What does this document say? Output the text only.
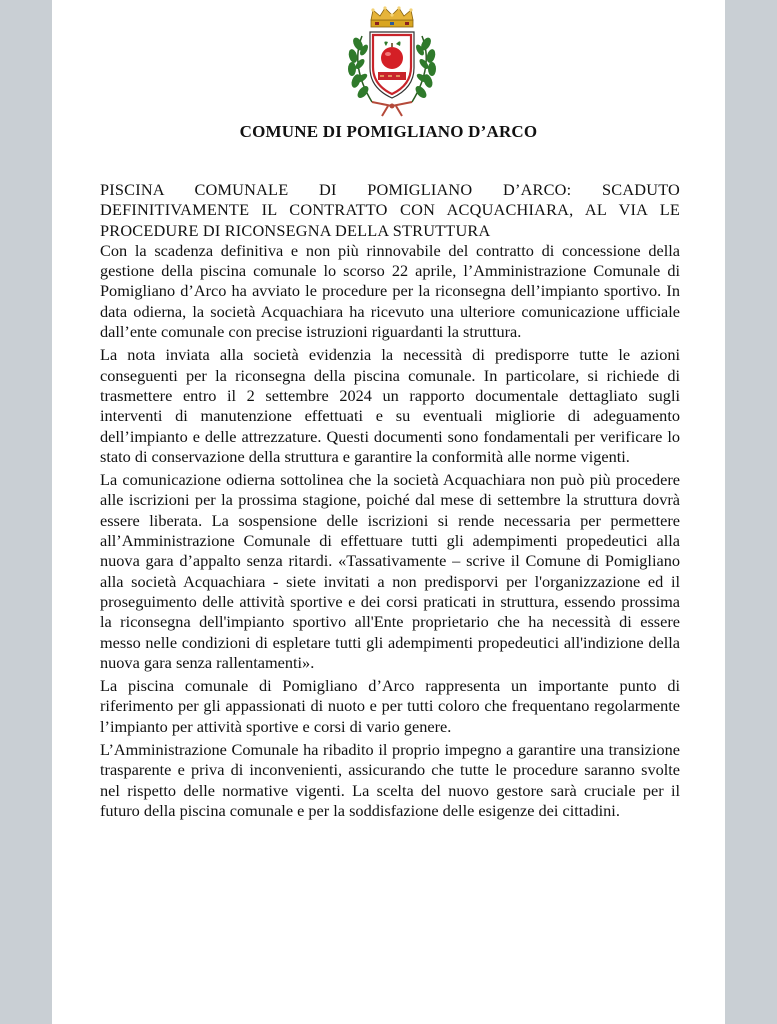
COMUNE DI POMIGLIANO D’ARCO
PISCINA COMUNALE DI POMIGLIANO D’ARCO: SCADUTO DEFINITIVAMENTE IL CONTRATTO CON ACQUACHIARA, AL VIA LE PROCEDURE DI RICONSEGNA DELLA STRUTTURA

Con la scadenza definitiva e non più rinnovabile del contratto di concessione della gestione della piscina comunale lo scorso 22 aprile, l’Amministrazione Comunale di Pomigliano d’Arco ha avviato le procedure per la riconsegna dell’impianto sportivo. In data odierna, la società Acquachiara ha ricevuto una ulteriore comunicazione ufficiale dall’ente comunale con precise istruzioni riguardanti la struttura.

La nota inviata alla società evidenzia la necessità di predisporre tutte le azioni conseguenti per la riconsegna della piscina comunale. In particolare, si richiede di trasmettere entro il 2 settembre 2024 un rapporto documentale dettagliato sugli interventi di manutenzione effettuati e su eventuali migliorie di adeguamento dell’impianto e delle attrezzature. Questi documenti sono fondamentali per verificare lo stato di conservazione della struttura e garantire la conformità alle norme vigenti.

La comunicazione odierna sottolinea che la società Acquachiara non può più procedere alle iscrizioni per la prossima stagione, poiché dal mese di settembre la struttura dovrà essere liberata. La sospensione delle iscrizioni si rende necessaria per permettere all’Amministrazione Comunale di effettuare tutti gli adempimenti propedeutici alla nuova gara d’appalto senza ritardi. «Tassativamente – scrive il Comune di Pomigliano alla società Acquachiara - siete invitati a non predisporvi per l'organizzazione ed il proseguimento delle attività sportive e dei corsi praticati in struttura, essendo prossima la riconsegna dell'impianto sportivo all'Ente proprietario che ha necessità di essere messo nelle condizioni di espletare tutti gli adempimenti propedeutici all'indizione della nuova gara senza rallentamenti».

La piscina comunale di Pomigliano d’Arco rappresenta un importante punto di riferimento per gli appassionati di nuoto e per tutti coloro che frequentano regolarmente l’impianto per attività sportive e corsi di vario genere.

L’Amministrazione Comunale ha ribadito il proprio impegno a garantire una transizione trasparente e priva di inconvenienti, assicurando che tutte le procedure saranno svolte nel rispetto delle normative vigenti. La scelta del nuovo gestore sarà cruciale per il futuro della piscina comunale e per la soddisfazione delle esigenze dei cittadini.
